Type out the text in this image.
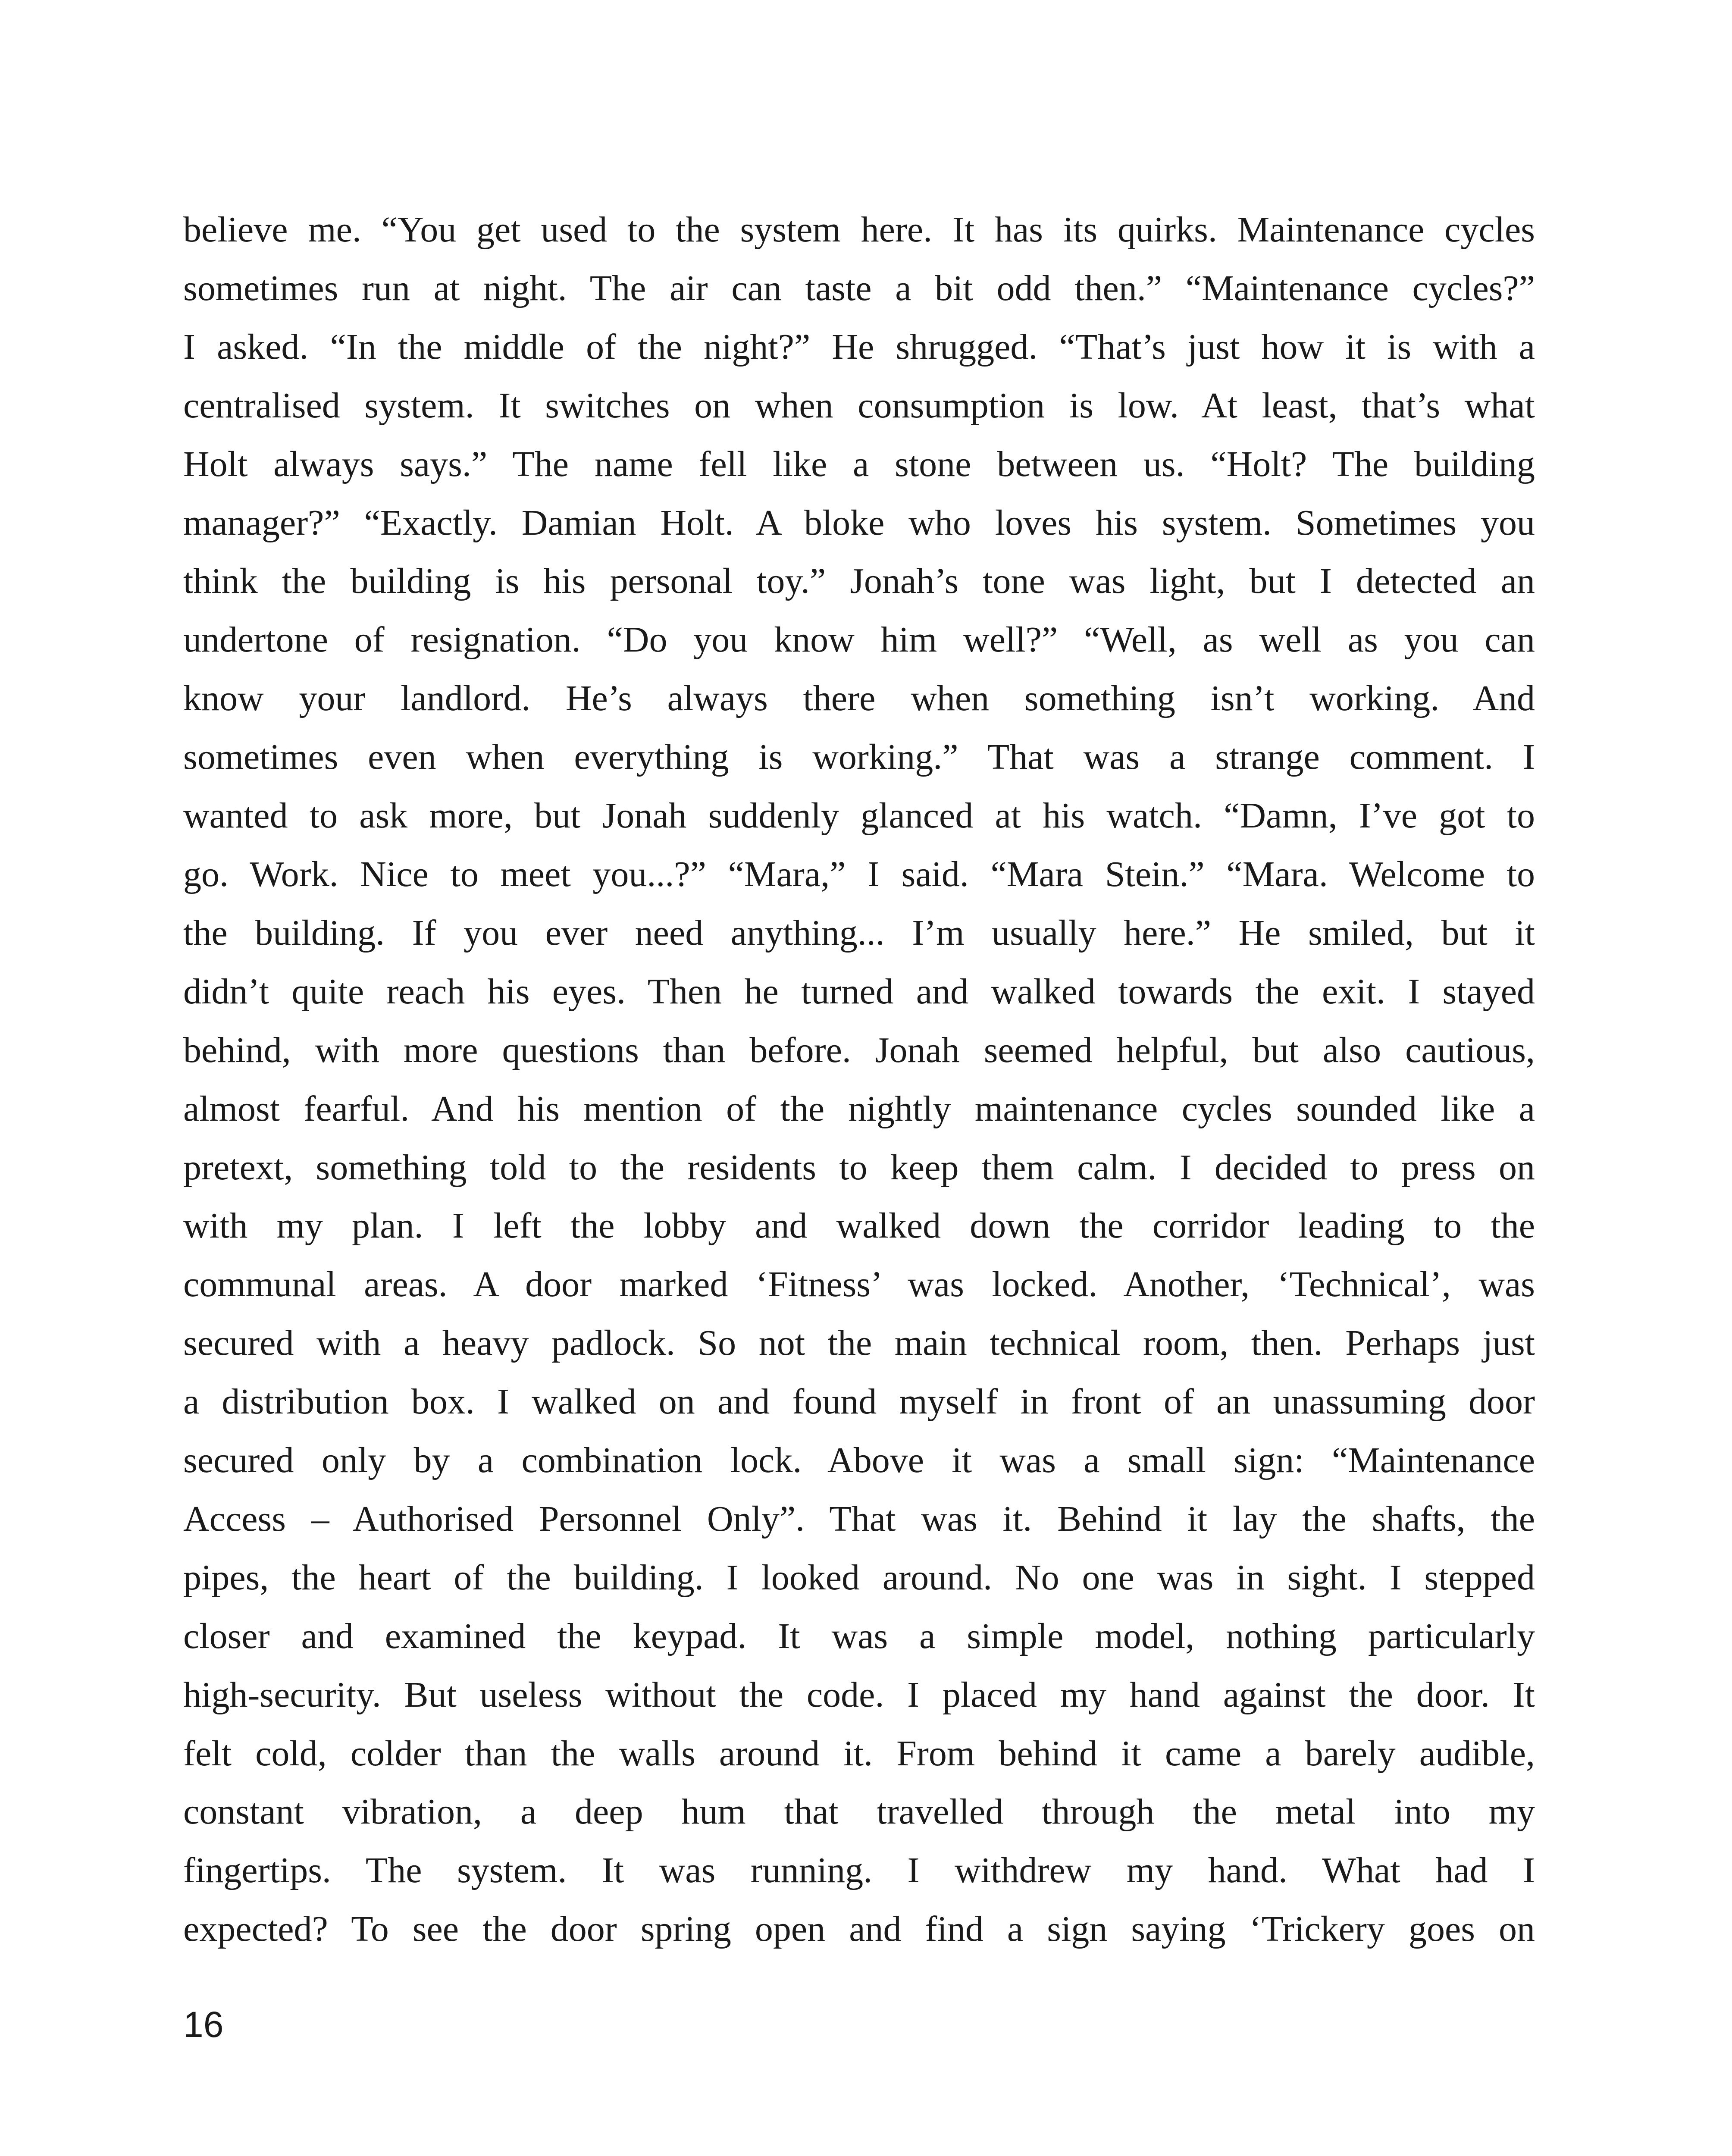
believe me. “You get used to the system here. It has its quirks. Maintenance cycles
sometimes run at night. The air can taste a bit odd then.” “Maintenance cycles?”
I asked. “In the middle of the night?” He shrugged. “That’s just how it is with a
centralised system. It switches on when consumption is low. At least, that’s what
Holt always says.” The name fell like a stone between us. “Holt? The building
manager?” “Exactly. Damian Holt. A bloke who loves his system. Sometimes you
think the building is his personal toy.” Jonah’s tone was light, but I detected an
undertone of resignation. “Do you know him well?” “Well, as well as you can
know your landlord. He’s always there when something isn’t working. And
sometimes even when everything is working.” That was a strange comment. I
wanted to ask more, but Jonah suddenly glanced at his watch. “Damn, I’ve got to
go. Work. Nice to meet you...?” “Mara,” I said. “Mara Stein.” “Mara. Welcome to
the building. If you ever need anything... I’m usually here.” He smiled, but it
didn’t quite reach his eyes. Then he turned and walked towards the exit. I stayed
behind, with more questions than before. Jonah seemed helpful, but also cautious,
almost fearful. And his mention of the nightly maintenance cycles sounded like a
pretext, something told to the residents to keep them calm. I decided to press on
with my plan. I left the lobby and walked down the corridor leading to the
communal areas. A door marked ‘Fitness’ was locked. Another, ‘Technical’, was
secured with a heavy padlock. So not the main technical room, then. Perhaps just
a distribution box. I walked on and found myself in front of an unassuming door
secured only by a combination lock. Above it was a small sign: “Maintenance
Access – Authorised Personnel Only”. That was it. Behind it lay the shafts, the
pipes, the heart of the building. I looked around. No one was in sight. I stepped
closer and examined the keypad. It was a simple model, nothing particularly
high-security. But useless without the code. I placed my hand against the door. It
felt cold, colder than the walls around it. From behind it came a barely audible,
constant vibration, a deep hum that travelled through the metal into my
fingertips. The system. It was running. I withdrew my hand. What had I
expected? To see the door spring open and find a sign saying ‘Trickery goes on
16
